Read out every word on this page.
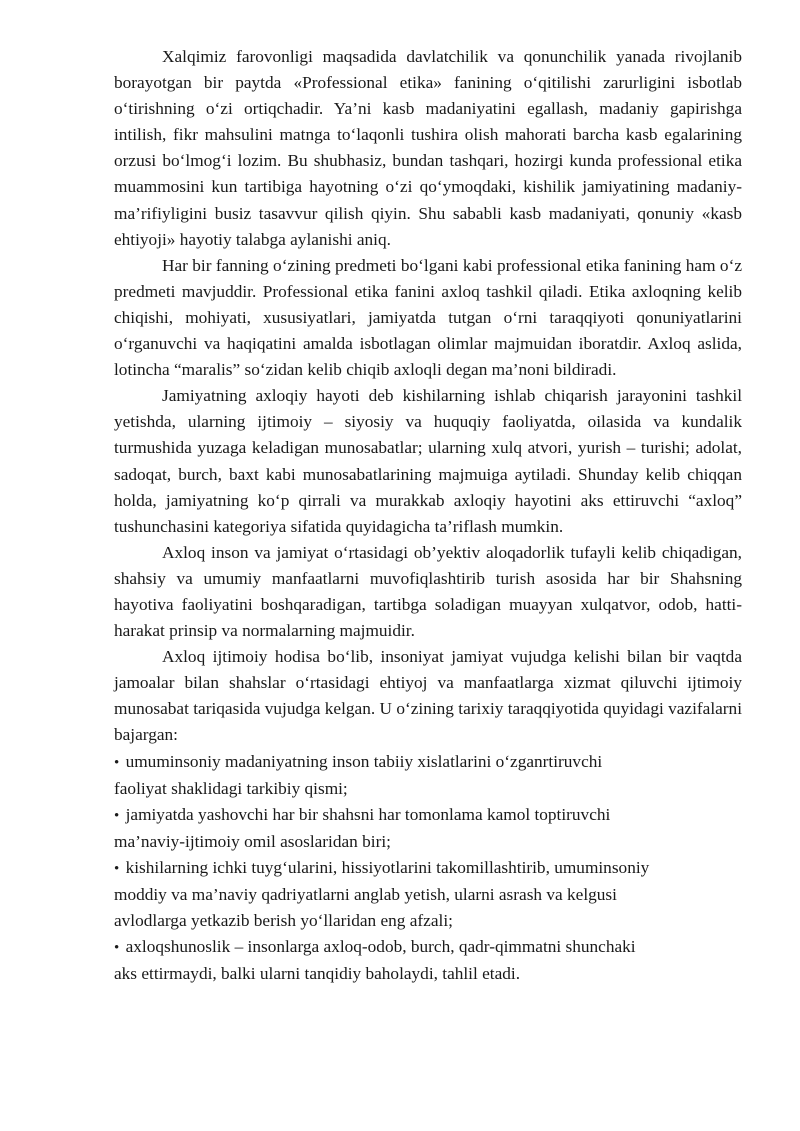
Xalqimiz farovonligi maqsadida davlatchilik va qonunchilik yanada rivojlanib borayotgan bir paytda «Professional etika» fanining o‘qitilishi zarurligini isbotlab o‘tirishning o‘zi ortiqchadir. Ya’ni kasb madaniyatini egallash, madaniy gapirishga intilish, fikr mahsulini matnga to‘laqonli tushira olish mahorati barcha kasb egalarining orzusi bo‘lmog‘i lozim. Bu shubhasiz, bundan tashqari, hozirgi kunda professional etika muammosini kun tartibiga hayotning o‘zi qo‘ymoqdaki, kishilik jamiyatining madaniy-ma’rifiyligini busiz tasavvur qilish qiyin. Shu sababli kasb madaniyati, qonuniy «kasb ehtiyoji» hayotiy talabga aylanishi aniq.

Har bir fanning o‘zining predmeti bo‘lgani kabi professional etika fanining ham o‘z predmeti mavjuddir. Professional etika fanini axloq tashkil qiladi. Etika axloqning kelib chiqishi, mohiyati, xususiyatlari, jamiyatda tutgan o‘rni taraqqiyoti qonuniyatlarini o‘rganuvchi va haqiqatini amalda isbotlagan olimlar majmuidan iboratdir. Axloq aslida, lotincha “maralis” so‘zidan kelib chiqib axloqli degan ma’noni bildiradi.

Jamiyatning axloqiy hayoti deb kishilarning ishlab chiqarish jarayonini tashkil yetishda, ularning ijtimoiy – siyosiy va huquqiy faoliyatda, oilasida va kundalik turmushida yuzaga keladigan munosabatlar; ularning xulq atvori, yurish – turishi; adolat, sadoqat, burch, baxt kabi munosabatlarining majmuiga aytiladi. Shunday kelib chiqqan holda, jamiyatning ko‘p qirrali va murakkab axloqiy hayotini aks ettiruvchi “axloq” tushunchasini kategoriya sifatida quyidagicha ta’riflash mumkin.

Axloq inson va jamiyat o‘rtasidagi ob’yektiv aloqadorlik tufayli kelib chiqadigan, shahsiy va umumiy manfaatlarni muvofiqlashtirib turish asosida har bir Shahsning hayotiva faoliyatini boshqaradigan, tartibga soladigan muayyan xulqatvor, odob, hatti-harakat prinsip va normalarning majmuidir.

Axloq ijtimoiy hodisa bo‘lib, insoniyat jamiyat vujudga kelishi bilan bir vaqtda jamoalar bilan shahslar o‘rtasidagi ehtiyoj va manfaatlarga xizmat qiluvchi ijtimoiy munosabat tariqasida vujudga kelgan. U o‘zining tarixiy taraqqiyotida quyidagi vazifalarni bajargan:

• umuminsoniy madaniyatning inson tabiiy xislatlarini o‘zganrtiruvchi
faoliyat shaklidagi tarkibiy qismi;
• jamiyatda yashovchi har bir shahsni har tomonlama kamol toptiruvchi
ma’naviy-ijtimoiy omil asoslaridan biri;
• kishilarning ichki tuyg‘ularini, hissiyotlarini takomillashtirib, umuminsoniy
moddiy va ma’naviy qadriyatlarni anglab yetish, ularni asrash va kelgusi
avlodlarga yetkazib berish yo‘llaridan eng afzali;
• axloqshunoslik – insonlarga axloq-odob, burch, qadr-qimmatni shunchaki
aks ettirmaydi, balki ularni tanqidiy baholaydi, tahlil etadi.
